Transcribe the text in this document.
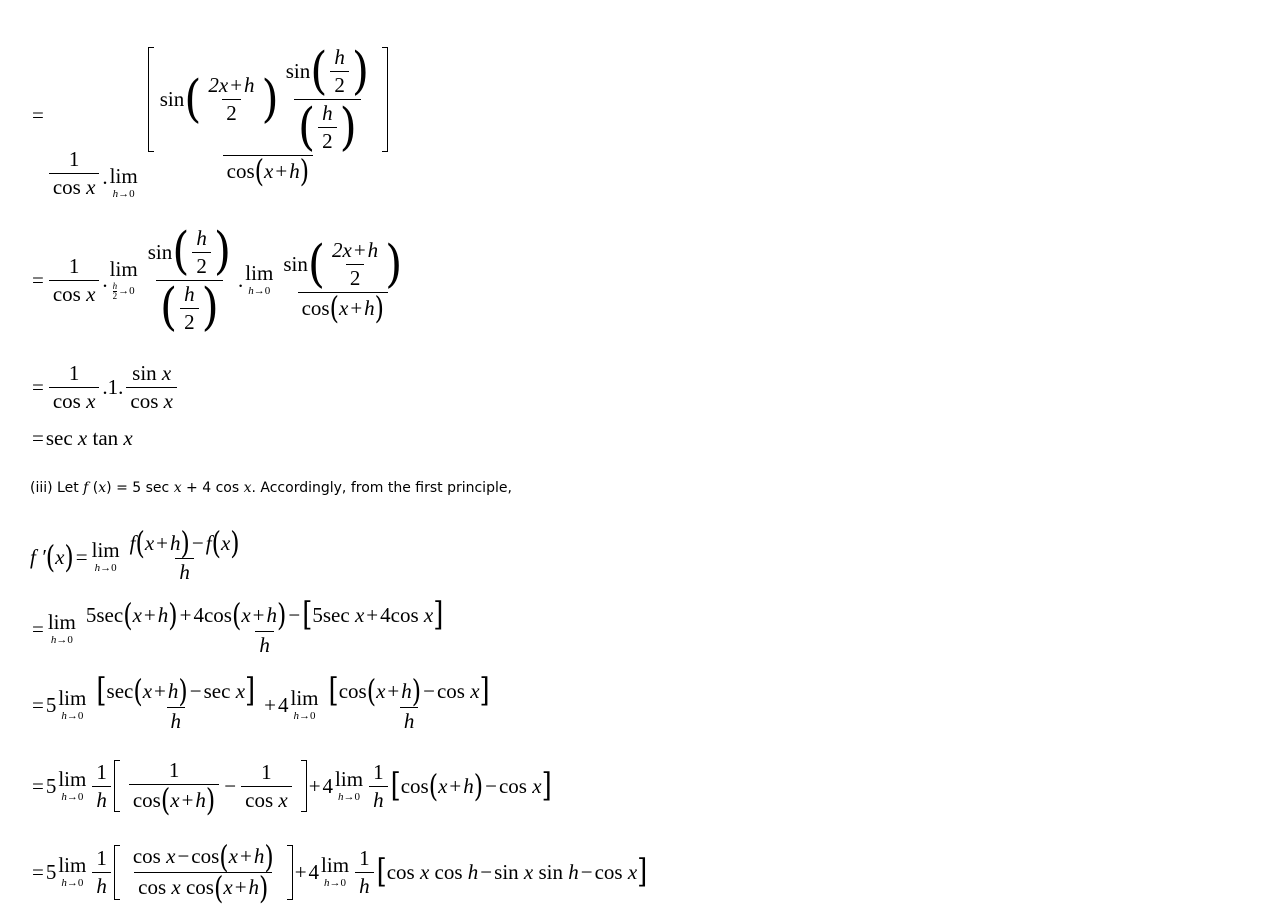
=
1
cos
x . lim
h → 0
sin ( $\frac{2x + h}{2}$ ) $\frac{\sin ( \frac{h}{2} )}{( \frac{h}{2} )}$
cos ( x + h )
= 1
cos
x . lim
h
$2 \to 0 \frac{\sin ( \frac{h}{2} )}{( \frac{h}{2} )}$ . lim
$h \to 0 \frac{\sin ( \frac{2x + h}{2} )}{\cos ( x + h )}$
= 1
cos
x . 1 . sin
x
cos
x
= sec
x
tan
x
(iii) Let f (x) = 5 sec x + 4 cos x. Accordingly, from the first principle,
f ′ ( x ) = lim
$h \to 0 \frac{f ( x + h ) - f ( x )}{h}$
= lim
h → 0
5 sec ( x + h ) + 4 cos ( x + h ) − [ 5 sec
x + 4 cos
x ]
h
= 5 lim
h → 0
[ sec ( x + h ) − sec
x ]
h
+ 4 lim
h → 0
[ cos ( x + h ) − cos
x ]
h
= 5 lim
$h \to 0 \frac{1}{h} \frac{1}{\cos ( x + h )} - 1$
cos
x + 4 lim
$h \to 0 \frac{1}{h}$ [ cos ( x + h ) − cos
x ]
= 5 lim
$h \to 0 \frac{1}{h}$ cos
x − cos ( x + h )
cos
x
cos ( x + h ) + 4 lim
$h \to 0 \frac{1}{h}$ [ cos
x
cos
h − sin
x
sin
h − cos
x ]
